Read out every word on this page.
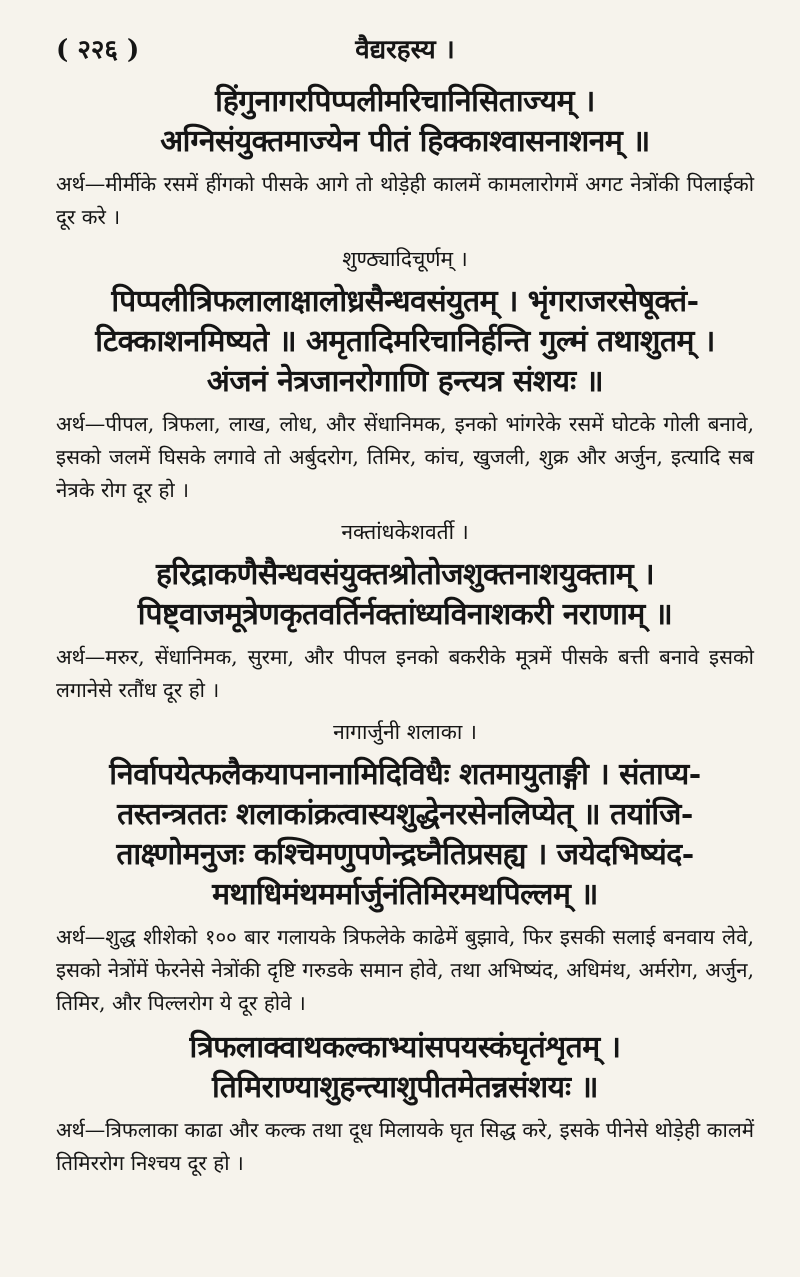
( २२६ )	वैद्यरहस्य ।
हिंगुनागरपिप्पलीमरिचानिसिताज्यम् ।
अग्निसंयुक्तमाज्येन पीतं हिक्काश्वासनाशनम् ॥

अर्थ—मीर्मीके रसमें हींगको पीसके आगे तो थोड़ेही कालमें कामलारोगमें अगट नेत्रोंकी पिलाईको दूर करे ।

शुण्ठ्यादिचूर्णम् ।
पिप्पलीत्रिफलालाक्षालोध्रसैन्धवसंयुतम् । भृंगराजरसेषूक्तं-
टिक्काशनमिष्यते ॥ अमृतादिमरिचानिर्हन्ति गुल्मं तथाशुतम् ।
अंजनं नेत्रजानरोगाणि हन्त्यत्र संशयः ॥

अर्थ—पीपल, त्रिफला, लाख, लोध, और सेंधानिमक, इनको भांगरेके रसमें घोटके गोली बनावे, इसको जलमें घिसके लगावे तो अर्बुदरोग, तिमिर, कांच, खुजली, शुक्र और अर्जुन, इत्यादि सब नेत्रके रोग दूर हो ।

नक्तांधकेशवर्ती ।
हरिद्राकणैसैन्धवसंयुक्तश्रोतोजशुक्तनाशयुक्ताम् ।
पिष्ट्वाजमूत्रेणकृतवर्तिर्नक्तांध्यविनाशकरी नराणाम् ॥

अर्थ—मरुर, सेंधानिमक, सुरमा, और पीपल इनको बकरीके मूत्रमें पीसके बत्ती बनावे इसको लगानेसे रतौंध दूर हो ।

नागार्जुनी शलाका ।
निर्वापयेत्फलैकयापनानामिदिविधैः शतमायुताङ्गी । संताप्य-
तस्तन्त्रततः शलाकांक्रत्वास्यशुद्धेनरसेनलिप्येत् ॥ तयांजि-
ताक्ष्णोमनुजः कश्चिमणुपणेन्द्रघ्नैतिप्रसह्य । जयेदभिष्यंद-
मथाधिमंथमर्मार्जुनंतिमिरमथपिल्लम् ॥

अर्थ—शुद्ध शीशेको १०० बार गलायके त्रिफलेके काढेमें बुझावे, फिर इसकी सलाई बनवाय लेवे, इसको नेत्रोंमें फेरनेसे नेत्रोंकी दृष्टि गरुडके समान होवे, तथा अभिष्यंद, अधिमंथ, अर्मरोग, अर्जुन, तिमिर, और पिल्लरोग ये दूर होवे ।

त्रिफलाक्वाथकल्काभ्यांसपयस्कंघृतंशृतम् ।
तिमिराण्याशुहन्त्याशुपीतमेतन्नसंशयः ॥

अर्थ—त्रिफलाका काढा और कल्क तथा दूध मिलायके घृत सिद्ध करे, इसके पीनेसे थोड़ेही कालमें तिमिररोग निश्चय दूर हो ।
